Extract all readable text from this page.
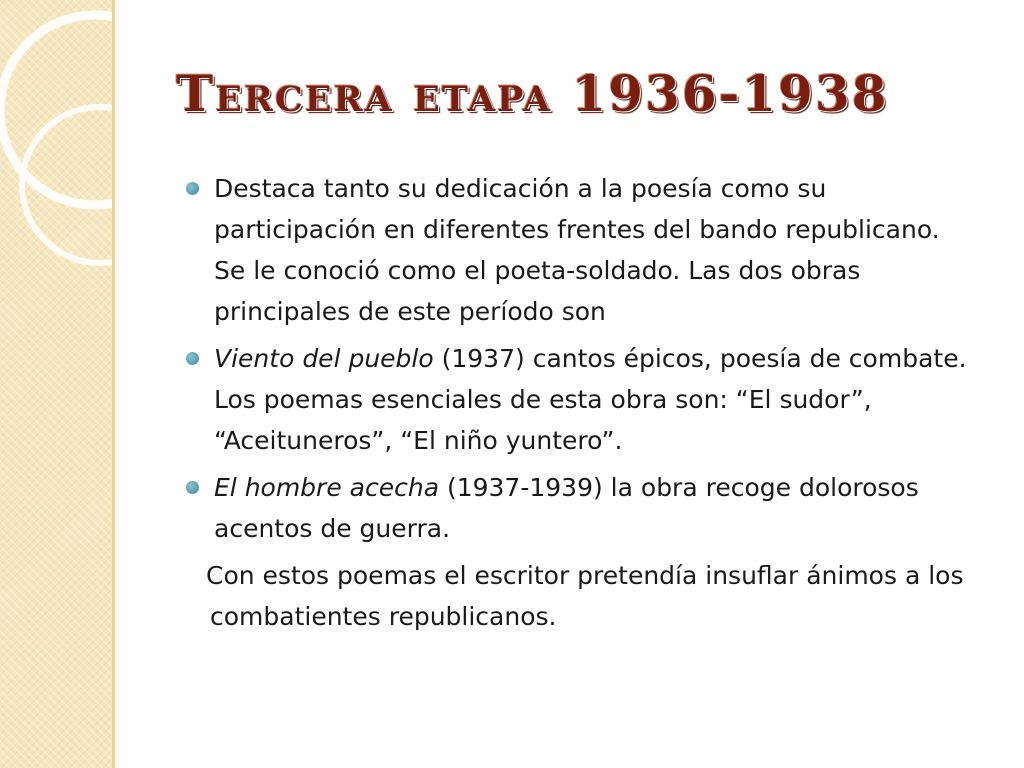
Tercera etapa 1936-1938

Destaca tanto su dedicación a la poesía como su participación en diferentes frentes del bando republicano. Se le conoció como el poeta-soldado. Las dos obras principales de este período son

Viento del pueblo (1937) cantos épicos, poesía de combate. Los poemas esenciales de esta obra son: “El sudor”, “Aceituneros”, “El niño yuntero”.

El hombre acecha (1937-1939) la obra recoge dolorosos acentos de guerra.

Con estos poemas el escritor pretendía insuflar ánimos a los combatientes republicanos.
